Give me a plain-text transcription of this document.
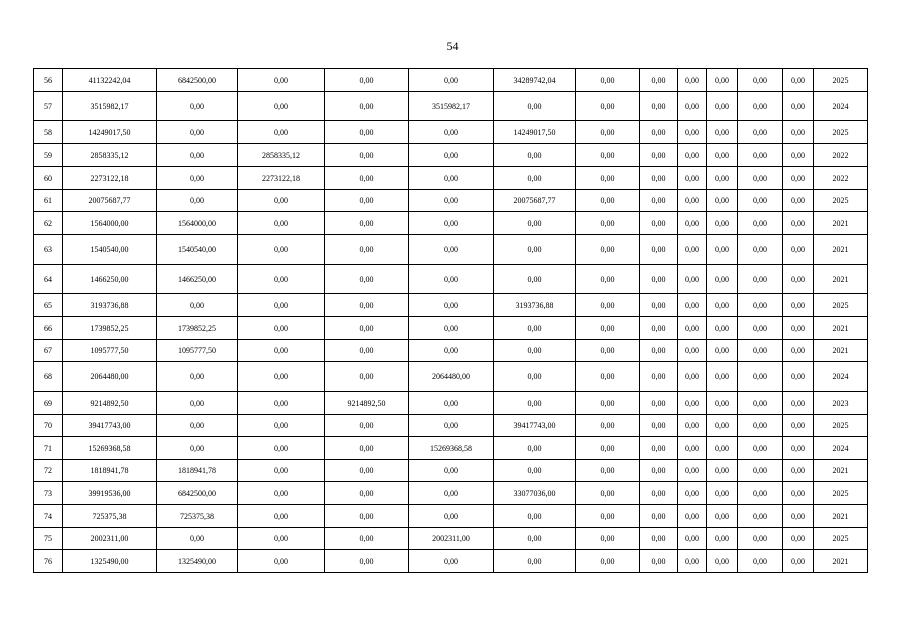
54
56	41132242,04	6842500,00	0,00	0,00	0,00	34289742,04	0,00	0,00	0,00	0,00	0,00	0,00	2025
57	3515982,17	0,00	0,00	0,00	3515982,17	0,00	0,00	0,00	0,00	0,00	0,00	0,00	2024
58	14249017,50	0,00	0,00	0,00	0,00	14249017,50	0,00	0,00	0,00	0,00	0,00	0,00	2025
59	2858335,12	0,00	2858335,12	0,00	0,00	0,00	0,00	0,00	0,00	0,00	0,00	0,00	2022
60	2273122,18	0,00	2273122,18	0,00	0,00	0,00	0,00	0,00	0,00	0,00	0,00	0,00	2022
61	20075687,77	0,00	0,00	0,00	0,00	20075687,77	0,00	0,00	0,00	0,00	0,00	0,00	2025
62	1564000,00	1564000,00	0,00	0,00	0,00	0,00	0,00	0,00	0,00	0,00	0,00	0,00	2021
63	1540540,00	1540540,00	0,00	0,00	0,00	0,00	0,00	0,00	0,00	0,00	0,00	0,00	2021
64	1466250,00	1466250,00	0,00	0,00	0,00	0,00	0,00	0,00	0,00	0,00	0,00	0,00	2021
65	3193736,88	0,00	0,00	0,00	0,00	3193736,88	0,00	0,00	0,00	0,00	0,00	0,00	2025
66	1739852,25	1739852,25	0,00	0,00	0,00	0,00	0,00	0,00	0,00	0,00	0,00	0,00	2021
67	1095777,50	1095777,50	0,00	0,00	0,00	0,00	0,00	0,00	0,00	0,00	0,00	0,00	2021
68	2064480,00	0,00	0,00	0,00	2064480,00	0,00	0,00	0,00	0,00	0,00	0,00	0,00	2024
69	9214892,50	0,00	0,00	9214892,50	0,00	0,00	0,00	0,00	0,00	0,00	0,00	0,00	2023
70	39417743,00	0,00	0,00	0,00	0,00	39417743,00	0,00	0,00	0,00	0,00	0,00	0,00	2025
71	15269368,58	0,00	0,00	0,00	15269368,58	0,00	0,00	0,00	0,00	0,00	0,00	0,00	2024
72	1818941,78	1818941,78	0,00	0,00	0,00	0,00	0,00	0,00	0,00	0,00	0,00	0,00	2021
73	39919536,00	6842500,00	0,00	0,00	0,00	33077036,00	0,00	0,00	0,00	0,00	0,00	0,00	2025
74	725375,38	725375,38	0,00	0,00	0,00	0,00	0,00	0,00	0,00	0,00	0,00	0,00	2021
75	2002311,00	0,00	0,00	0,00	2002311,00	0,00	0,00	0,00	0,00	0,00	0,00	0,00	2025
76	1325490,00	1325490,00	0,00	0,00	0,00	0,00	0,00	0,00	0,00	0,00	0,00	0,00	2021
